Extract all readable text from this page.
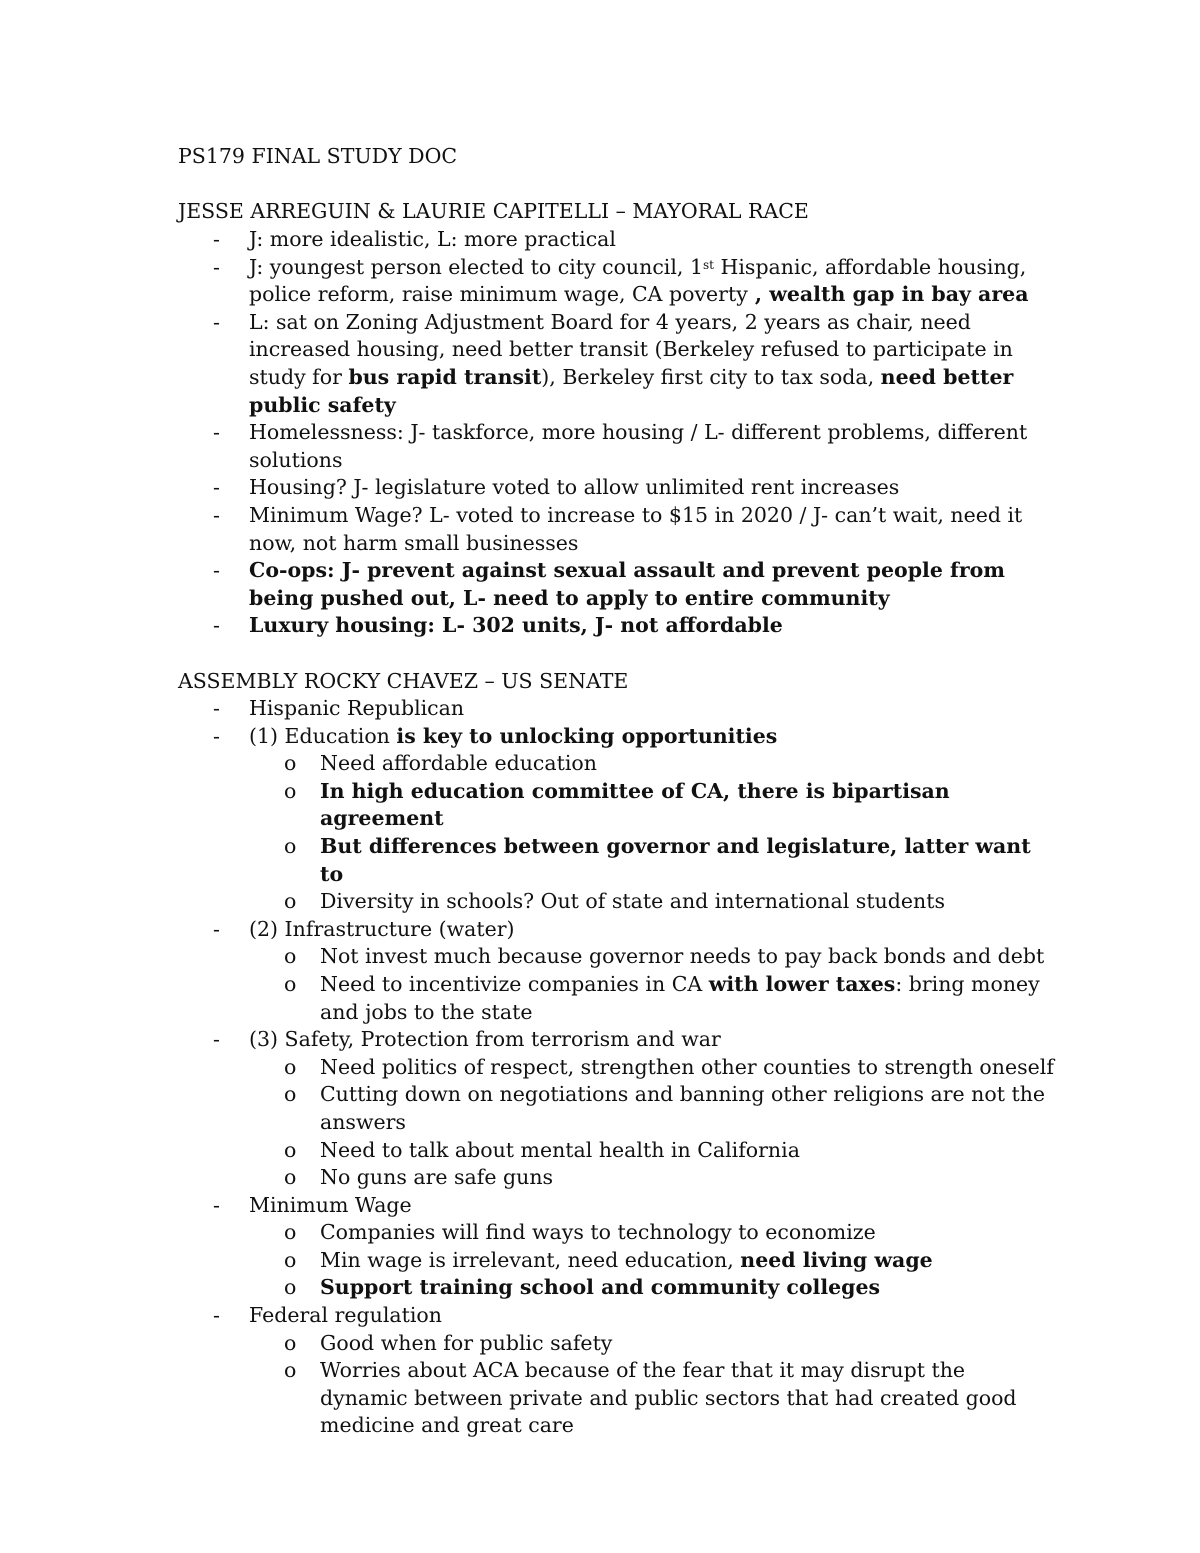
PS179 FINAL STUDY DOC
JESSE ARREGUIN & LAURIE CAPITELLI – MAYORAL RACE
- J: more idealistic, L: more practical
- J: youngest person elected to city council, 1st Hispanic, affordable housing, police reform, raise minimum wage, CA poverty , wealth gap in bay area
- L: sat on Zoning Adjustment Board for 4 years, 2 years as chair, need increased housing, need better transit (Berkeley refused to participate in study for bus rapid transit), Berkeley first city to tax soda, need better public safety
- Homelessness: J- taskforce, more housing / L- different problems, different solutions
- Housing? J- legislature voted to allow unlimited rent increases
- Minimum Wage? L- voted to increase to $15 in 2020 / J- can’t wait, need it now, not harm small businesses
- Co-ops: J- prevent against sexual assault and prevent people from being pushed out, L- need to apply to entire community
- Luxury housing: L- 302 units, J- not affordable
ASSEMBLY ROCKY CHAVEZ – US SENATE
- Hispanic Republican
- (1) Education is key to unlocking opportunities
o Need affordable education
o In high education committee of CA, there is bipartisan agreement
o But differences between governor and legislature, latter want to
o Diversity in schools? Out of state and international students
- (2) Infrastructure (water)
o Not invest much because governor needs to pay back bonds and debt
o Need to incentivize companies in CA with lower taxes: bring money and jobs to the state
- (3) Safety, Protection from terrorism and war
o Need politics of respect, strengthen other counties to strength oneself
o Cutting down on negotiations and banning other religions are not the answers
o Need to talk about mental health in California
o No guns are safe guns
- Minimum Wage
o Companies will find ways to technology to economize
o Min wage is irrelevant, need education, need living wage
o Support training school and community colleges
- Federal regulation
o Good when for public safety
o Worries about ACA because of the fear that it may disrupt the dynamic between private and public sectors that had created good medicine and great care
